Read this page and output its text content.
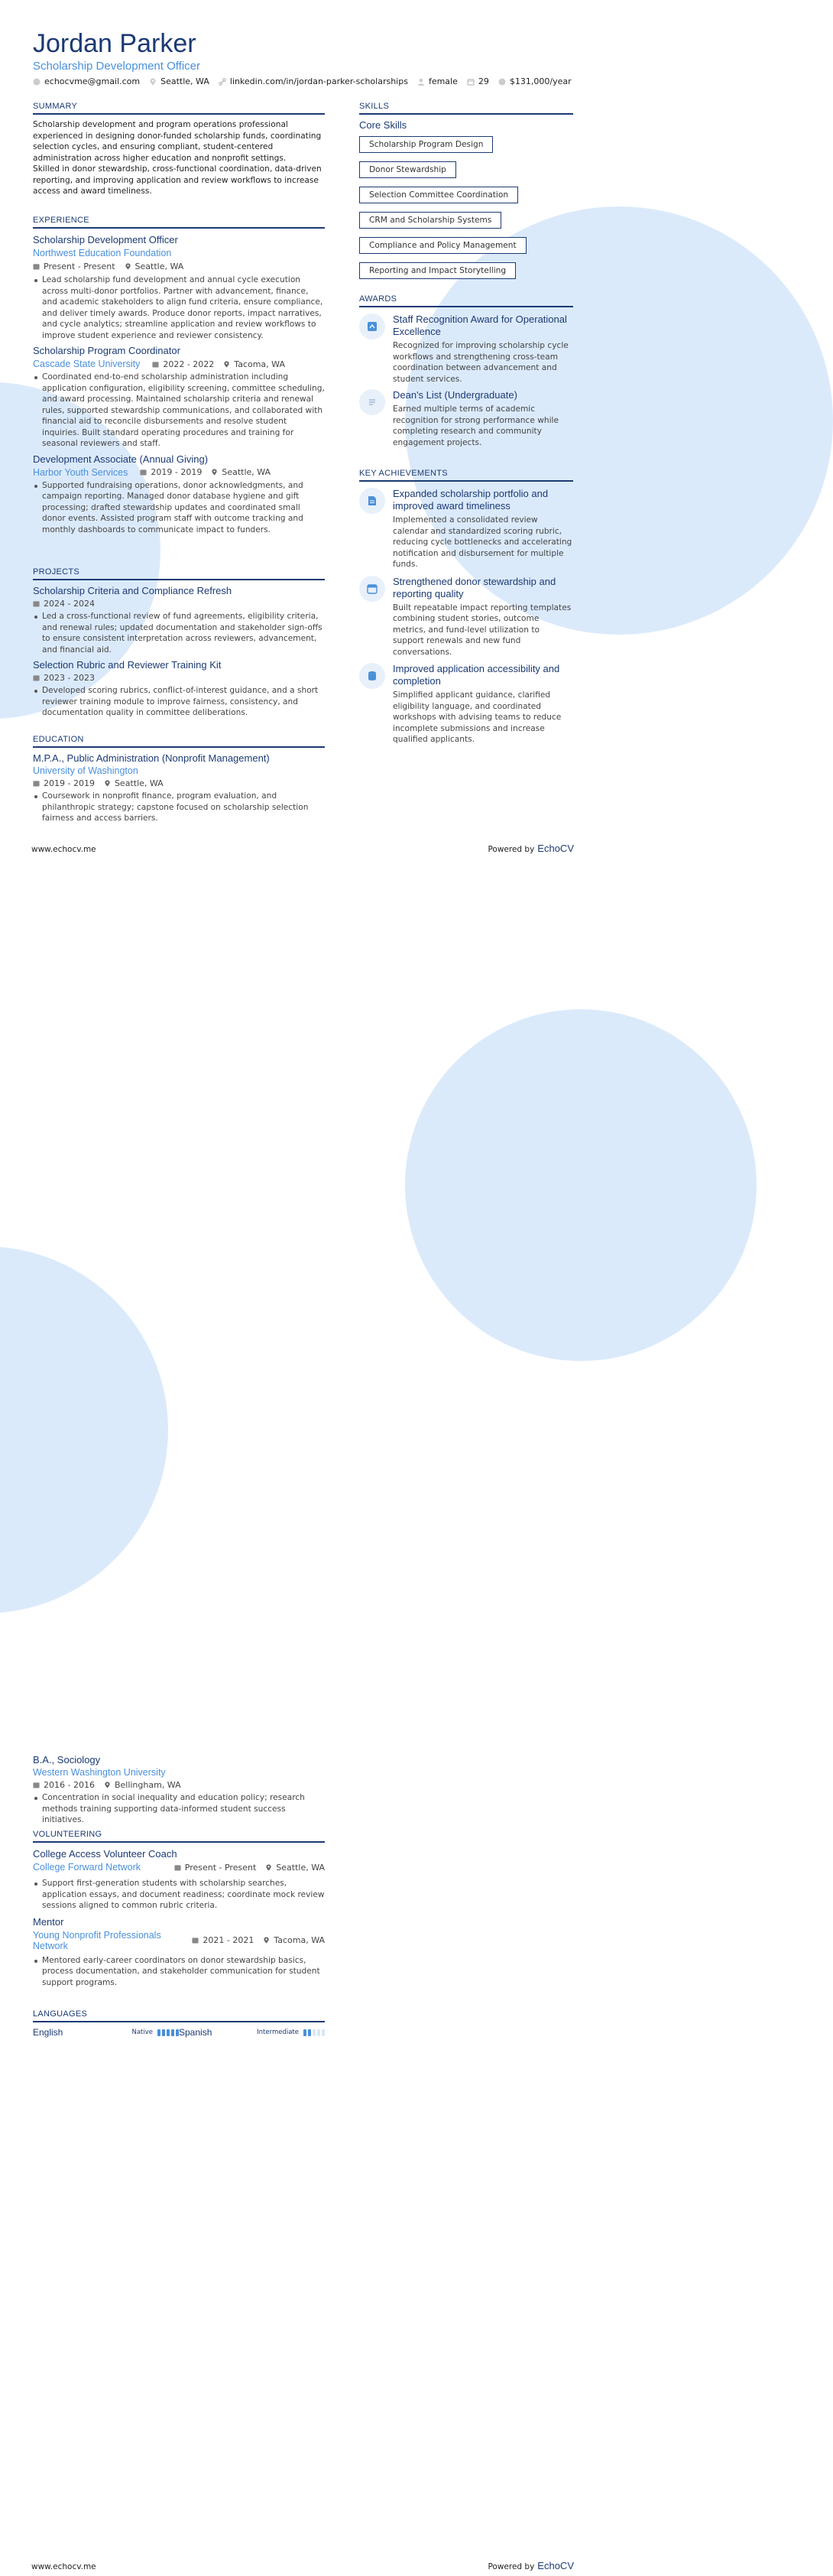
Jordan Parker
Scholarship Development Officer
echocvme@gmail.com Seattle, WA linkedin.com/in/jordan-parker-scholarships female 29 $131,000/year
SUMMARY
Scholarship development and program operations professional experienced in designing donor-funded scholarship funds, coordinating selection cycles, and ensuring compliant, student-centered administration across higher education and nonprofit settings.
Skilled in donor stewardship, cross-functional coordination, data-driven reporting, and improving application and review workflows to increase access and award timeliness.
EXPERIENCE
Scholarship Development Officer
Northwest Education Foundation
Present - Present Seattle, WA
Lead scholarship fund development and annual cycle execution across multi-donor portfolios. Partner with advancement, finance, and academic stakeholders to align fund criteria, ensure compliance, and deliver timely awards. Produce donor reports, impact narratives, and cycle analytics; streamline application and review workflows to improve student experience and reviewer consistency.
Scholarship Program Coordinator
Cascade State University	2022 - 2022 Tacoma, WA
Coordinated end-to-end scholarship administration including application configuration, eligibility screening, committee scheduling, and award processing. Maintained scholarship criteria and renewal rules, supported stewardship communications, and collaborated with financial aid to reconcile disbursements and resolve student inquiries. Built standard operating procedures and training for seasonal reviewers and staff.
Development Associate (Annual Giving)
Harbor Youth Services	2019 - 2019 Seattle, WA
Supported fundraising operations, donor acknowledgments, and campaign reporting. Managed donor database hygiene and gift processing; drafted stewardship updates and coordinated small donor events. Assisted program staff with outcome tracking and monthly dashboards to communicate impact to funders.
PROJECTS
Scholarship Criteria and Compliance Refresh
2024 - 2024
Led a cross-functional review of fund agreements, eligibility criteria, and renewal rules; updated documentation and stakeholder sign-offs to ensure consistent interpretation across reviewers, advancement, and financial aid.
Selection Rubric and Reviewer Training Kit
2023 - 2023
Developed scoring rubrics, conflict-of-interest guidance, and a short reviewer training module to improve fairness, consistency, and documentation quality in committee deliberations.
EDUCATION
M.P.A., Public Administration (Nonprofit Management)
University of Washington
2019 - 2019 Seattle, WA
Coursework in nonprofit finance, program evaluation, and philanthropic strategy; capstone focused on scholarship selection fairness and access barriers.
SKILLS
Core Skills
Scholarship Program Design
Donor Stewardship
Selection Committee Coordination
CRM and Scholarship Systems
Compliance and Policy Management
Reporting and Impact Storytelling
AWARDS
Staff Recognition Award for Operational Excellence
Recognized for improving scholarship cycle workflows and strengthening cross-team coordination between advancement and student services.
Dean's List (Undergraduate)
Earned multiple terms of academic recognition for strong performance while completing research and community engagement projects.
KEY ACHIEVEMENTS
Expanded scholarship portfolio and improved award timeliness
Implemented a consolidated review calendar and standardized scoring rubric, reducing cycle bottlenecks and accelerating notification and disbursement for multiple funds.
Strengthened donor stewardship and reporting quality
Built repeatable impact reporting templates combining student stories, outcome metrics, and fund-level utilization to support renewals and new fund conversations.
Improved application accessibility and completion
Simplified applicant guidance, clarified eligibility language, and coordinated workshops with advising teams to reduce incomplete submissions and increase qualified applicants.
www.echocv.me	Powered by EchoCV
B.A., Sociology
Western Washington University
2016 - 2016 Bellingham, WA
Concentration in social inequality and education policy; research methods training supporting data-informed student success initiatives.
VOLUNTEERING
College Access Volunteer Coach
College Forward Network	Present - Present Seattle, WA
Support first-generation students with scholarship searches, application essays, and document readiness; coordinate mock review sessions aligned to common rubric criteria.
Mentor
Young Nonprofit Professionals Network	2021 - 2021 Tacoma, WA
Mentored early-career coordinators on donor stewardship basics, process documentation, and stakeholder communication for student support programs.
LANGUAGES
English	Native	Spanish	Intermediate
www.echocv.me	Powered by EchoCV
